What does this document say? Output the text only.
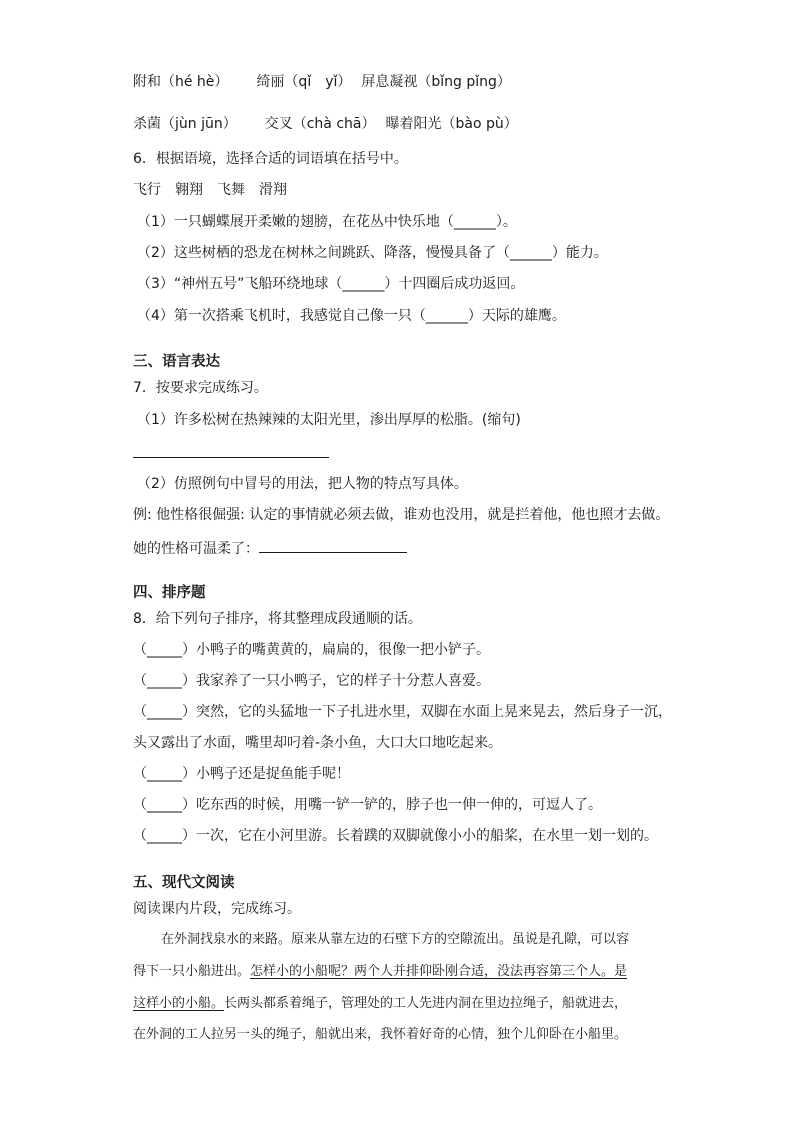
附和（hé hè） 绮丽（qǐ　yǐ） 屏息凝视（bǐng pǐng）
杀菌（jùn jūn） 交叉（chà chā） 曝着阳光（bào pù）
6．根据语境，选择合适的词语填在括号中。
飞行　翱翔　飞舞　滑翔
（1）一只蝴蝶展开柔嫩的翅膀，在花丛中快乐地（______）。
（2）这些树栖的恐龙在树林之间跳跃、降落，慢慢具备了（______）能力。
（3）“神州五号”飞船环绕地球（______）十四圈后成功返回。
（4）第一次搭乘飞机时，我感觉自己像一只（______）天际的雄鹰。
三、语言表达
7．按要求完成练习。
（1）许多松树在热辣辣的太阳光里，渗出厚厚的松脂。(缩句)
（2）仿照例句中冒号的用法，把人物的特点写具体。
例: 他性格很倔强: 认定的事情就必须去做，谁劝也没用，就是拦着他，他也照才去做。
她的性格可温柔了：
四、排序题
8．给下列句子排序，将其整理成段通顺的话。
（_____）小鸭子的嘴黄黄的，扁扁的，很像一把小铲子。
（_____）我家养了一只小鸭子，它的样子十分惹人喜爱。
（_____）突然，它的头猛地一下子扎进水里，双脚在水面上晃来晃去，然后身子一沉，
头又露出了水面，嘴里却叼着-条小鱼，大口大口地吃起来。
（_____）小鸭子还是捉鱼能手呢！
（_____）吃东西的时候，用嘴一铲一铲的，脖子也一伸一伸的，可逗人了。
（_____）一次，它在小河里游。长着蹼的双脚就像小小的船桨，在水里一划一划的。
五、现代文阅读
阅读课内片段，完成练习。
在外洞找泉水的来路。原来从靠左边的石壁下方的空隙流出。虽说是孔隙，可以容
得下一只小船进出。怎样小的小船呢？两个人并排仰卧刚合适，没法再容第三个人。是
这样小的小船。长两头都系着绳子，管理处的工人先进内洞在里边拉绳子，船就进去，
在外洞的工人拉另一头的绳子，船就出来，我怀着好奇的心情，独个儿仰卧在小船里。
